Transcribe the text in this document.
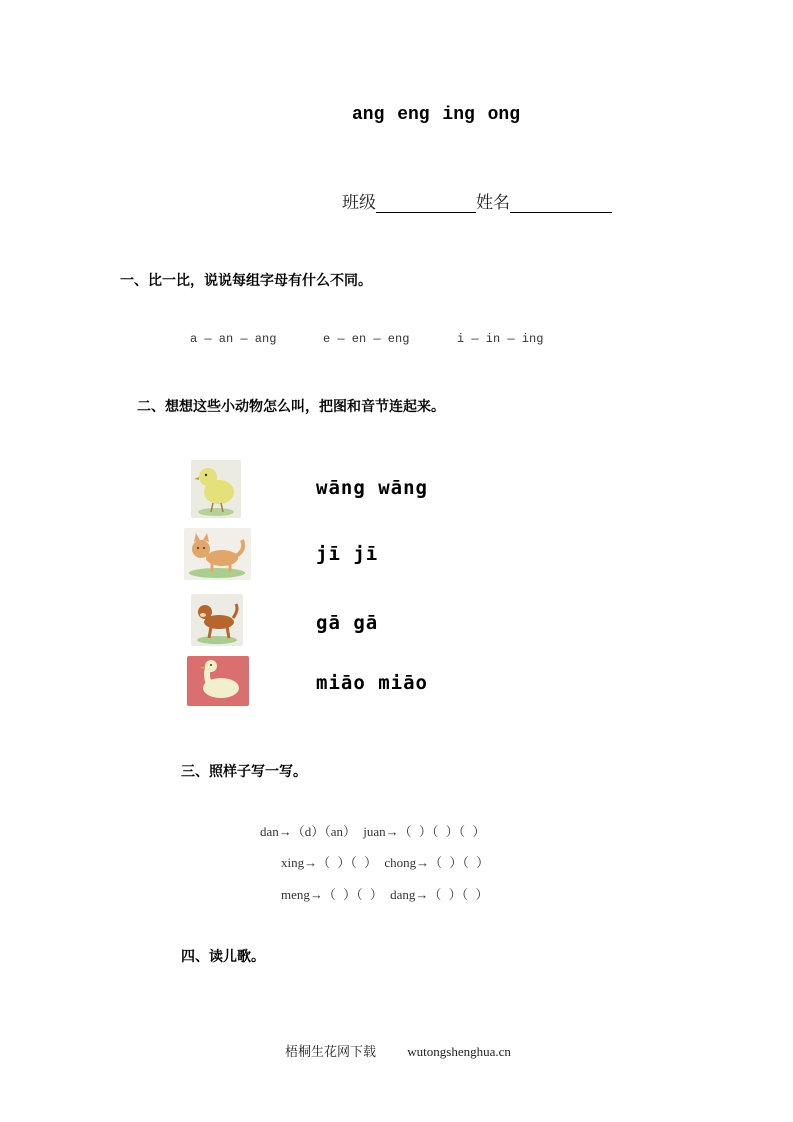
ang eng ing ong
班级	姓名
一、比一比，说说每组字母有什么不同。
a — an — ang	e — en — eng	i — in — ing
二、想想这些小动物怎么叫，把图和音节连起来。
wāng wāng
jī jī
gā gā
miāo miāo
三、照样子写一写。
dan→（d）（an） juan→（ ）（ ）（ ）
xing→（ ）（ ） chong→（ ）（ ）
meng→（ ）（ ） dang→（ ）（ ）
四、读儿歌。
梧桐生花网下载 wutongshenghua.cn
